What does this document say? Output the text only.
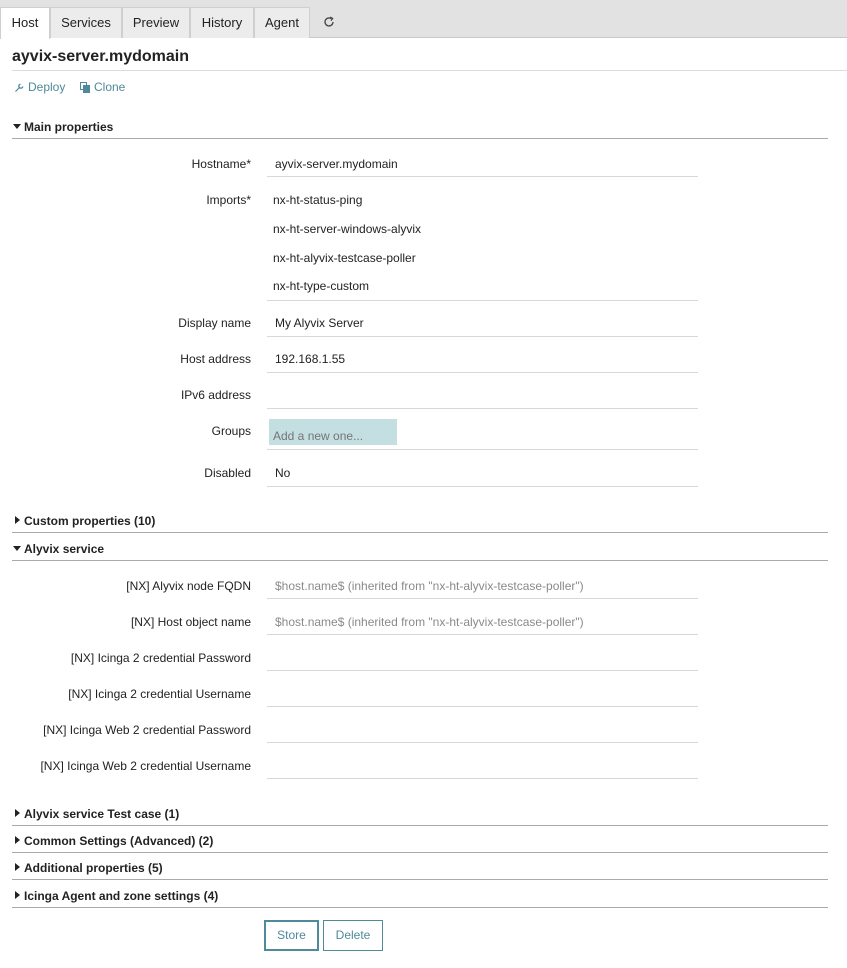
Host	Services	Preview	History	Agent
ayvix-server.mydomain
Deploy Clone
Main properties
Hostname*	ayvix-server.mydomain
Imports* nx-ht-status-ping
nx-ht-server-windows-alyvix
nx-ht-alyvix-testcase-poller
nx-ht-type-custom
Display name	My Alyvix Server
Host address	192.168.1.55
IPv6 address
Groups
Add a new one...
Disabled	No
Custom properties (10)
Alyvix service
[NX] Alyvix node FQDN	$host.name$ (inherited from "nx-ht-alyvix-testcase-poller")
[NX] Host object name	$host.name$ (inherited from "nx-ht-alyvix-testcase-poller")
[NX] Icinga 2 credential Password
[NX] Icinga 2 credential Username
[NX] Icinga Web 2 credential Password
[NX] Icinga Web 2 credential Username
Alyvix service Test case (1)
Common Settings (Advanced) (2)
Additional properties (5)
Icinga Agent and zone settings (4)
Store	Delete
